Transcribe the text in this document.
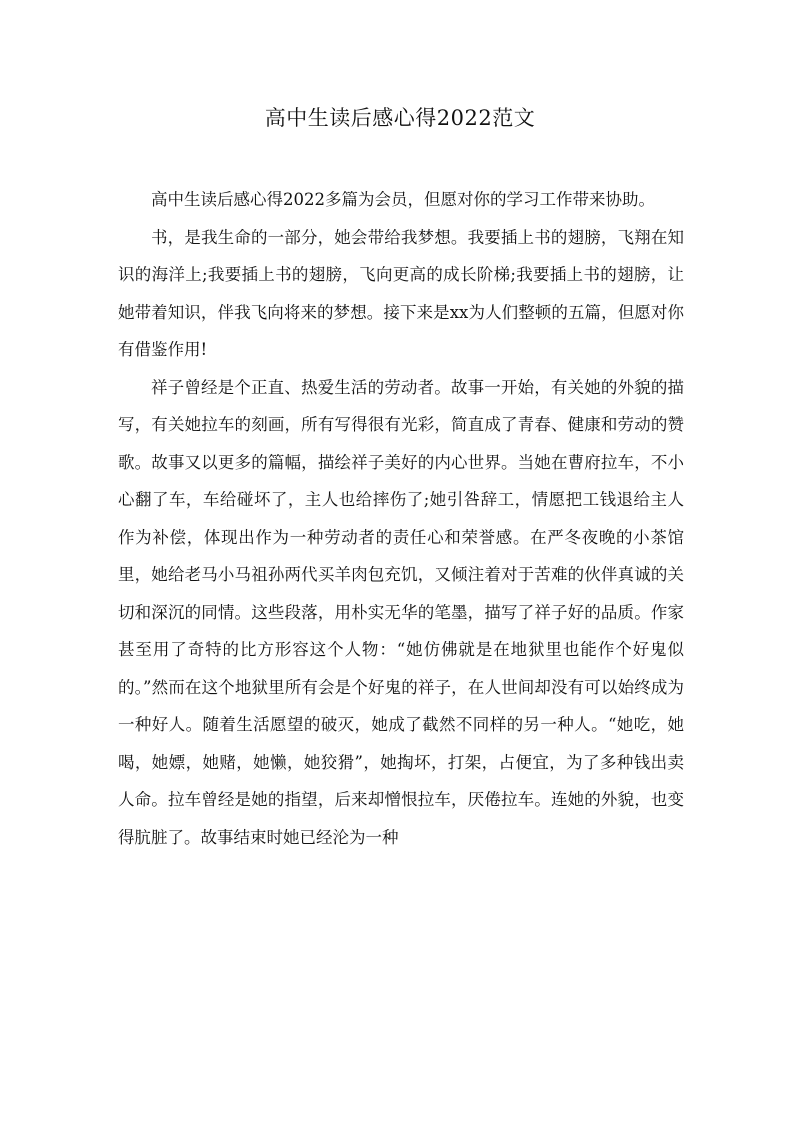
高中生读后感心得2022范文

高中生读后感心得2022多篇为会员，但愿对你的学习工作带来协助。

书，是我生命的一部分，她会带给我梦想。我要插上书的翅膀，飞翔在知识的海洋上;我要插上书的翅膀，飞向更高的成长阶梯;我要插上书的翅膀，让她带着知识，伴我飞向将来的梦想。接下来是xx为人们整顿的五篇，但愿对你有借鉴作用!

祥子曾经是个正直、热爱生活的劳动者。故事一开始，有关她的外貌的描写，有关她拉车的刻画，所有写得很有光彩，简直成了青春、健康和劳动的赞歌。故事又以更多的篇幅，描绘祥子美好的内心世界。当她在曹府拉车，不小心翻了车，车给碰坏了，主人也给摔伤了;她引咎辞工，情愿把工钱退给主人作为补偿，体现出作为一种劳动者的责任心和荣誉感。在严冬夜晚的小茶馆里，她给老马小马祖孙两代买羊肉包充饥，又倾注着对于苦难的伙伴真诚的关切和深沉的同情。这些段落，用朴实无华的笔墨，描写了祥子好的品质。作家甚至用了奇特的比方形容这个人物：“她仿佛就是在地狱里也能作个好鬼似的。”然而在这个地狱里所有会是个好鬼的祥子，在人世间却没有可以始终成为一种好人。随着生活愿望的破灭，她成了截然不同样的另一种人。“她吃，她喝，她嫖，她赌，她懒，她狡猾”，她掏坏，打架，占便宜，为了多种钱出卖人命。拉车曾经是她的指望，后来却憎恨拉车，厌倦拉车。连她的外貌，也变得肮脏了。故事结束时她已经沦为一种
